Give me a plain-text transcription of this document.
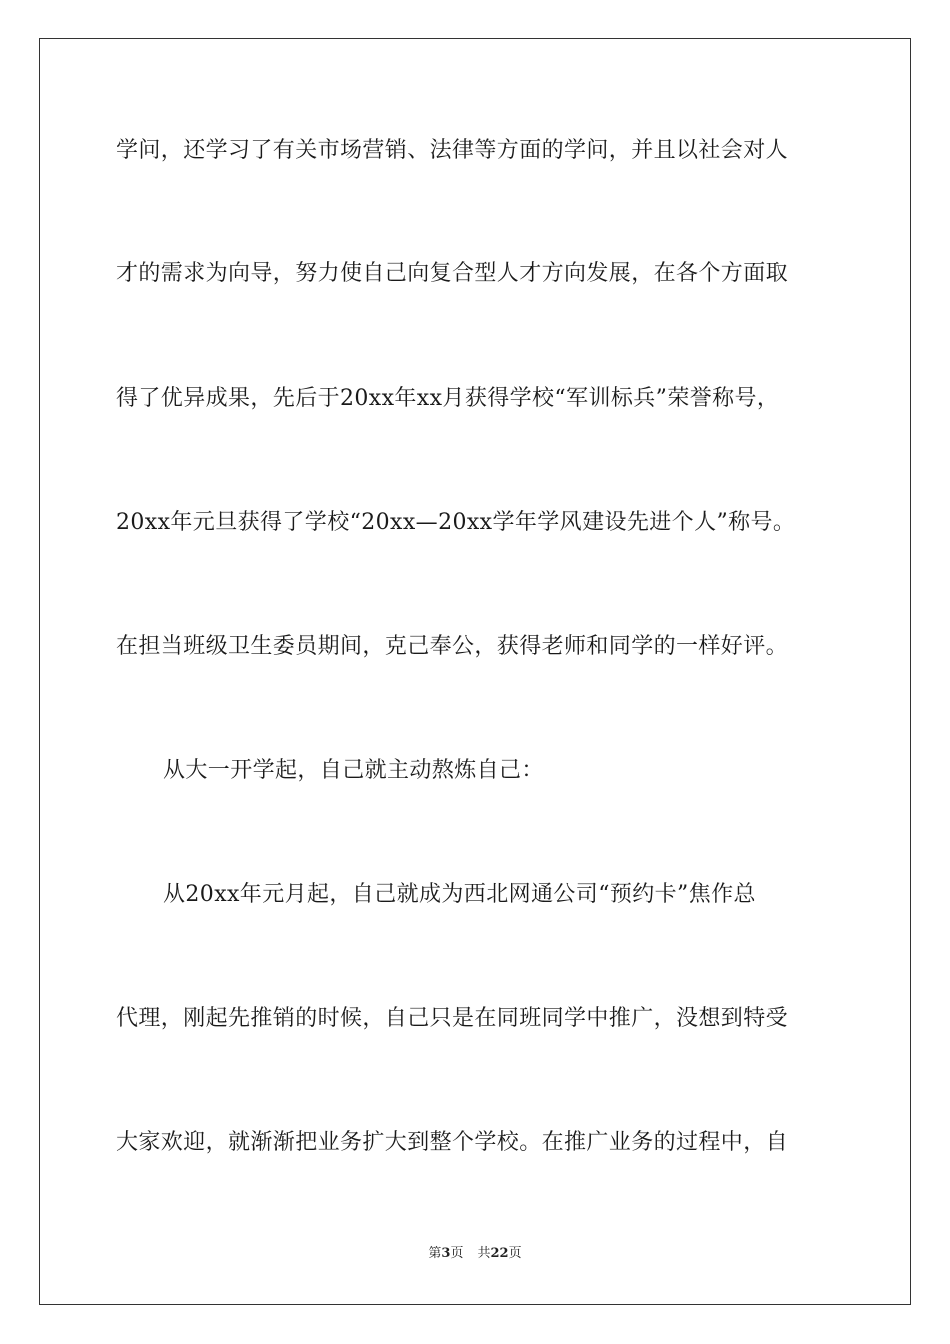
学问，还学习了有关市场营销、法律等方面的学问，并且以社会对人
才的需求为向导，努力使自己向复合型人才方向发展，在各个方面取
得了优异成果，先后于20xx年xx月获得学校“军训标兵”荣誉称号，
20xx年元旦获得了学校“20xx—20xx学年学风建设先进个人”称号。
在担当班级卫生委员期间，克己奉公，获得老师和同学的一样好评。
从大一开学起，自己就主动熬炼自己：
从20xx年元月起，自己就成为西北网通公司“预约卡”焦作总
代理，刚起先推销的时候，自己只是在同班同学中推广，没想到特受
大家欢迎，就渐渐把业务扩大到整个学校。在推广业务的过程中，自
第3页 共22页
